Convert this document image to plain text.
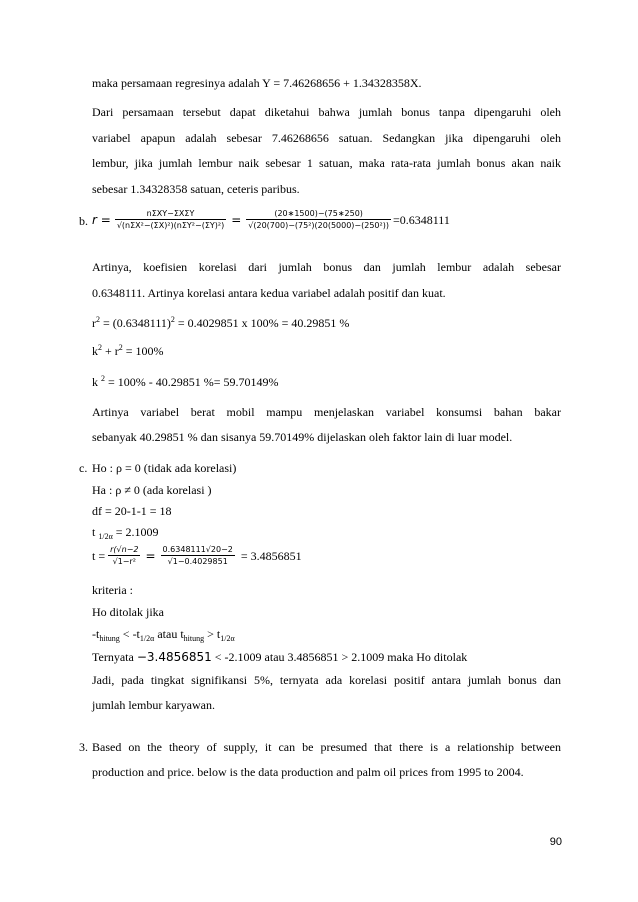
maka persamaan regresinya adalah Y = 7.46268656 + 1.34328358X.
Dari persamaan tersebut dapat diketahui bahwa jumlah bonus tanpa dipengaruhi oleh
variabel apapun adalah sebesar 7.46268656 satuan. Sedangkan jika dipengaruhi oleh
lembur, jika jumlah lembur naik sebesar 1 satuan, maka rata-rata jumlah bonus akan naik
sebesar 1.34328358 satuan, ceteris paribus.
b. $r = \frac{\text{nΣXY−ΣXΣY}}{\text{√(nΣX²−(ΣX)²)(nΣY²−(ΣY)²)}} = \frac{(20∗1500)-(75∗250)}{\text{√(20(700)−(75²)(20(5000)−(250²))}} =0.6348111$
Artinya, koefisien korelasi dari jumlah bonus dan jumlah lembur adalah sebesar
0.6348111. Artinya korelasi antara kedua variabel adalah positif dan kuat.
$r^2 = (0.6348111)^2 = 0.4029851$ x 100% = 40.29851 %
$k^2 + r^2 = 100\%$
k $^2$ = 100% - 40.29851 %= 59.70149%
Artinya variabel berat mobil mampu menjelaskan variabel konsumsi bahan bakar
sebanyak 40.29851 % dan sisanya 59.70149% dijelaskan oleh faktor lain di luar model.
c. Ho : ρ = 0 (tidak ada korelasi)
Ha : ρ ≠ 0 (ada korelasi )
df = 20-1-1 = 18
t $_{1/2\alpha}$ = 2.1009
$t = \frac{r(√n-2}{\text{√1−r²}} = \frac{0.6348111√20-2}{√1-0.4029851} = 3.4856851$
kriteria :
Ho ditolak jika
$-t_{hitung} < -t_{1/2\alpha}$ atau $t_{hitung} > t_{1/2\alpha}$
Ternyata −3.4856851 < -2.1009 atau 3.4856851 > 2.1009 maka Ho ditolak
Jadi, pada tingkat signifikansi 5%, ternyata ada korelasi positif antara jumlah bonus dan
jumlah lembur karyawan.
3. Based on the theory of supply, it can be presumed that there is a relationship between
production and price. below is the data production and palm oil prices from 1995 to 2004.
90
